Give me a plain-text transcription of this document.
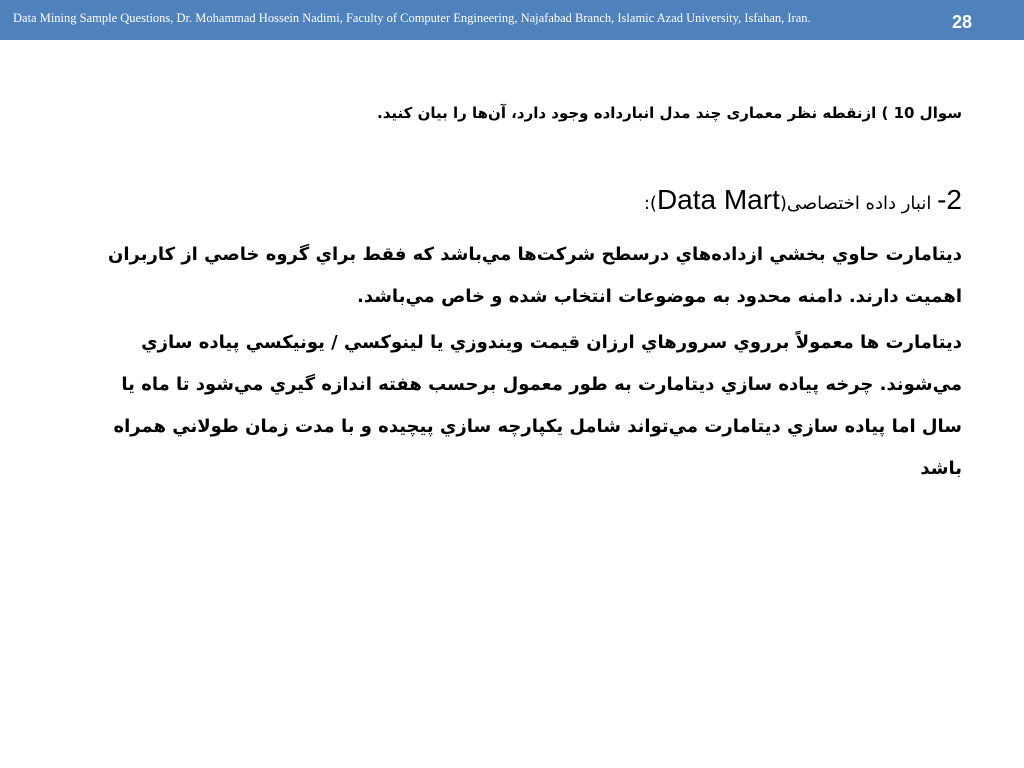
Data Mining Sample Questions, Dr. Mohammad Hossein Nadimi, Faculty of Computer Engineering, Najafabad Branch, Islamic Azad University, Isfahan, Iran.	28
سوال 10 ) ازنقطه نظر معماری چند مدل انبارداده وجود دارد، آن‌ها را بیان کنید.
2- انبار داده اختصاصی(Data Mart):
ديتامارت حاوي بخشي ازداده‌هاي درسطح شركت‌ها مي‌باشد كه فقط براي گروه خاصي از كاربران اهميت دارند. دامنه محدود به موضوعات انتخاب شده و خاص مي‌باشد.
ديتامارت ها معمولاً برروي سرورهاي ارزان قيمت ويندوزي يا لينوكسي / يونيكسي پياده سازي مي‌شوند. چرخه پياده سازي ديتامارت به طور معمول برحسب هفته اندازه گيري مي‌شود تا ماه يا سال اما پياده سازي ديتامارت مي‌تواند شامل يكپارچه سازي پيچيده و با مدت زمان طولاني همراه باشد
